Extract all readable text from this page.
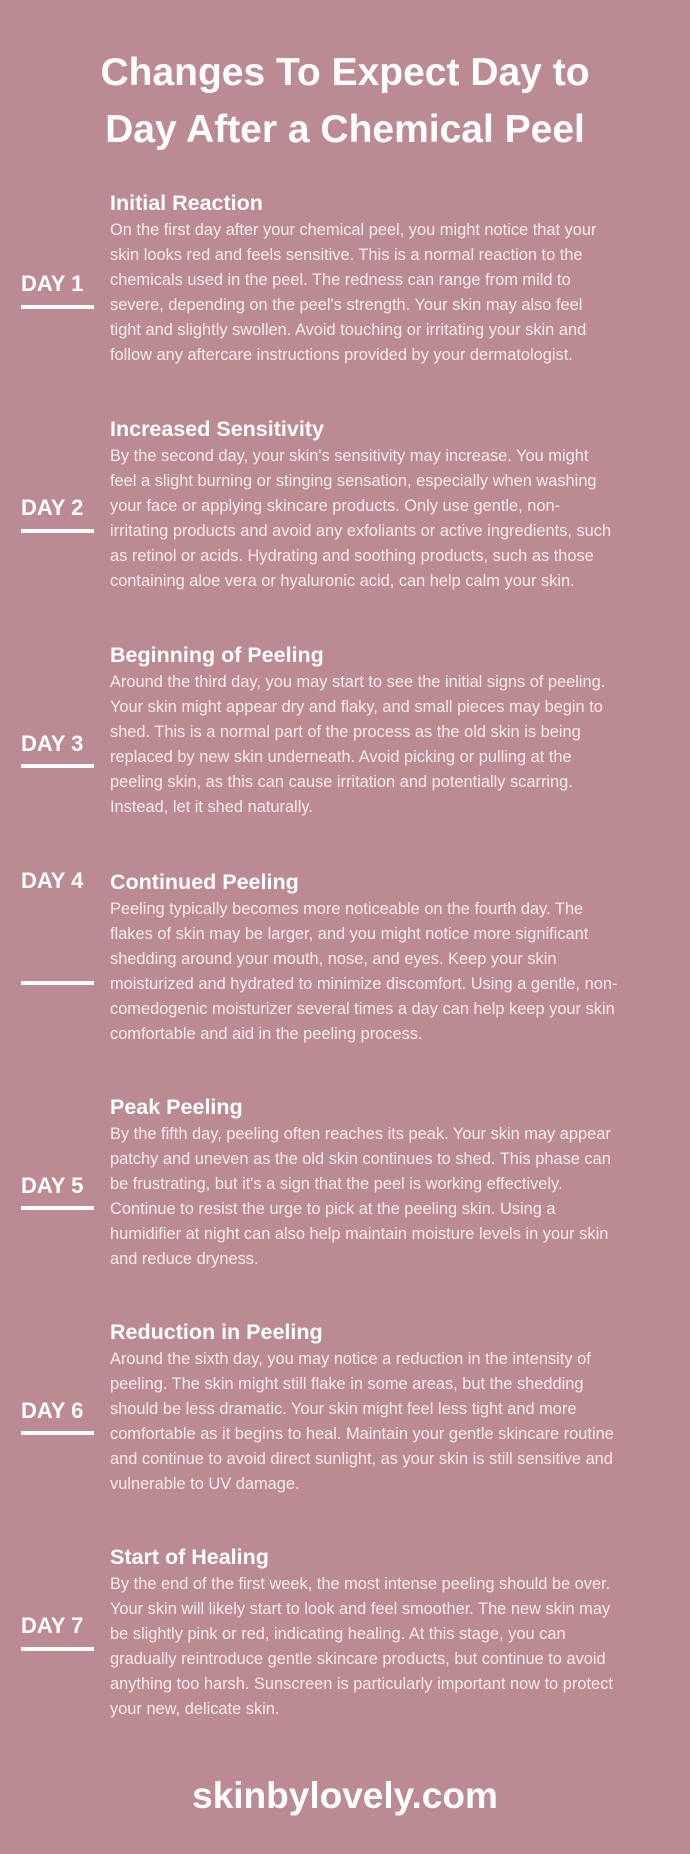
Changes To Expect Day to
Day After a Chemical Peel
DAY 1
Initial Reaction
On the first day after your chemical peel, you might notice that your
skin looks red and feels sensitive. This is a normal reaction to the
chemicals used in the peel. The redness can range from mild to
severe, depending on the peel's strength. Your skin may also feel
tight and slightly swollen. Avoid touching or irritating your skin and
follow any aftercare instructions provided by your dermatologist.
DAY 2
Increased Sensitivity
By the second day, your skin's sensitivity may increase. You might
feel a slight burning or stinging sensation, especially when washing
your face or applying skincare products. Only use gentle, non-
irritating products and avoid any exfoliants or active ingredients, such
as retinol or acids. Hydrating and soothing products, such as those
containing aloe vera or hyaluronic acid, can help calm your skin.
DAY 3
Beginning of Peeling
Around the third day, you may start to see the initial signs of peeling.
Your skin might appear dry and flaky, and small pieces may begin to
shed. This is a normal part of the process as the old skin is being
replaced by new skin underneath. Avoid picking or pulling at the
peeling skin, as this can cause irritation and potentially scarring.
Instead, let it shed naturally.
DAY 4	Continued Peeling
Peeling typically becomes more noticeable on the fourth day. The
flakes of skin may be larger, and you might notice more significant
shedding around your mouth, nose, and eyes. Keep your skin
moisturized and hydrated to minimize discomfort. Using a gentle, non-
comedogenic moisturizer several times a day can help keep your skin
comfortable and aid in the peeling process.
DAY 5
Peak Peeling
By the fifth day, peeling often reaches its peak. Your skin may appear
patchy and uneven as the old skin continues to shed. This phase can
be frustrating, but it's a sign that the peel is working effectively.
Continue to resist the urge to pick at the peeling skin. Using a
humidifier at night can also help maintain moisture levels in your skin
and reduce dryness.
DAY 6
Reduction in Peeling
Around the sixth day, you may notice a reduction in the intensity of
peeling. The skin might still flake in some areas, but the shedding
should be less dramatic. Your skin might feel less tight and more
comfortable as it begins to heal. Maintain your gentle skincare routine
and continue to avoid direct sunlight, as your skin is still sensitive and
vulnerable to UV damage.
DAY 7
Start of Healing
By the end of the first week, the most intense peeling should be over.
Your skin will likely start to look and feel smoother. The new skin may
be slightly pink or red, indicating healing. At this stage, you can
gradually reintroduce gentle skincare products, but continue to avoid
anything too harsh. Sunscreen is particularly important now to protect
your new, delicate skin.
skinbylovely.com
